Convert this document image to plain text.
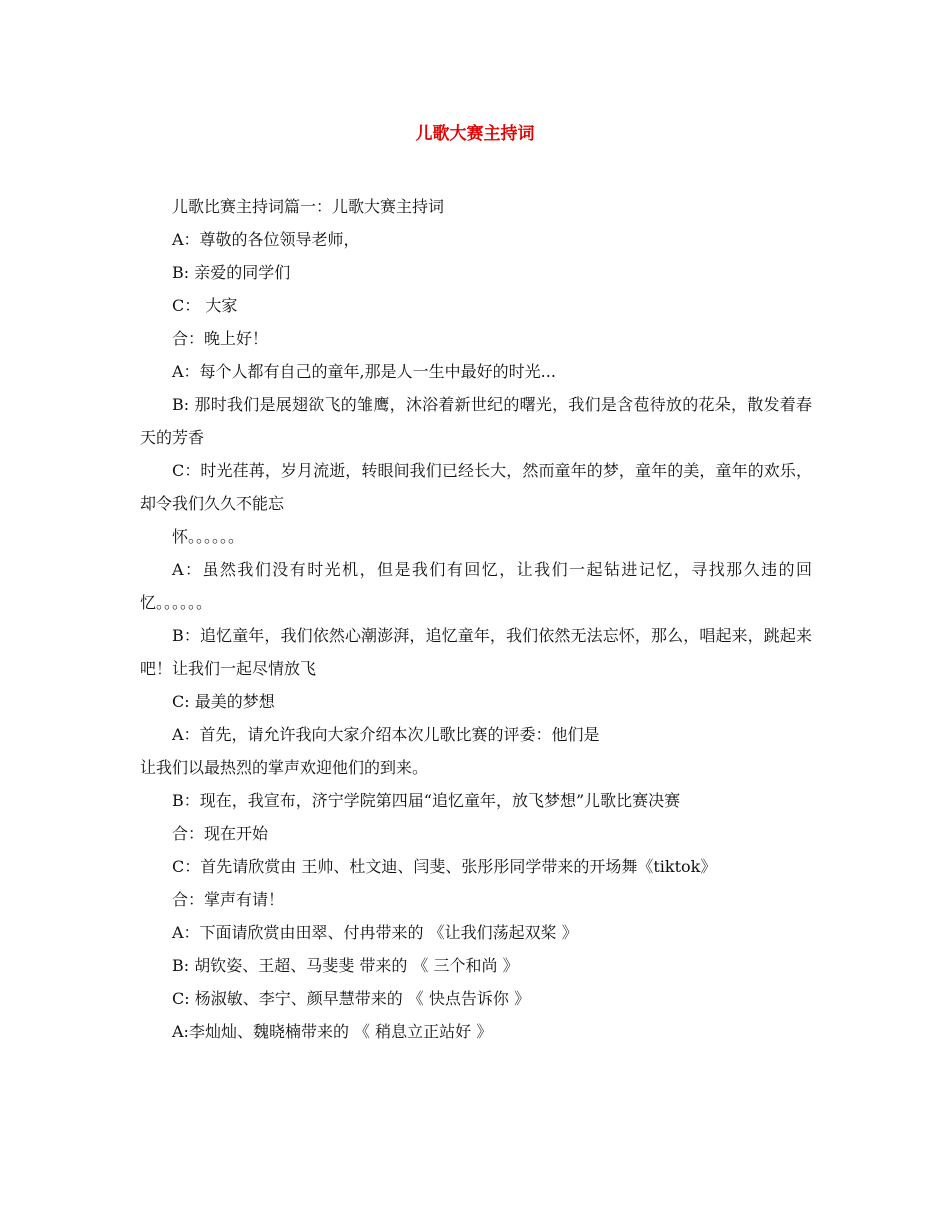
儿歌大赛主持词

儿歌比赛主持词篇一：儿歌大赛主持词

A：尊敬的各位领导老师，

B: 亲爱的同学们

C： 大家

合：晚上好！

A：每个人都有自己的童年,那是人一生中最好的时光...

B: 那时我们是展翅欲飞的雏鹰，沐浴着新世纪的曙光，我们是含苞待放的花朵，散发着春天的芳香

C：时光荏苒，岁月流逝，转眼间我们已经长大，然而童年的梦，童年的美，童年的欢乐，却令我们久久不能忘

怀。。。。。。

A：虽然我们没有时光机，但是我们有回忆，让我们一起钻进记忆，寻找那久违的回忆。。。。。。

B：追忆童年，我们依然心潮澎湃，追忆童年，我们依然无法忘怀，那么，唱起来，跳起来吧！让我们一起尽情放飞

C: 最美的梦想

A：首先，请允许我向大家介绍本次儿歌比赛的评委：他们是

让我们以最热烈的掌声欢迎他们的到来。

B：现在，我宣布，济宁学院第四届“追忆童年，放飞梦想”儿歌比赛决赛

合：现在开始

C：首先请欣赏由 王帅、杜文迪、闫斐、张彤彤同学带来的开场舞《tiktok》

合：掌声有请！

A：下面请欣赏由田翠、付冉带来的 《让我们荡起双桨 》

B: 胡钦姿、王超、马斐斐 带来的 《 三个和尚 》

C: 杨淑敏、李宁、颜早慧带来的 《 快点告诉你 》

A:李灿灿、魏晓楠带来的 《 稍息立正站好 》
